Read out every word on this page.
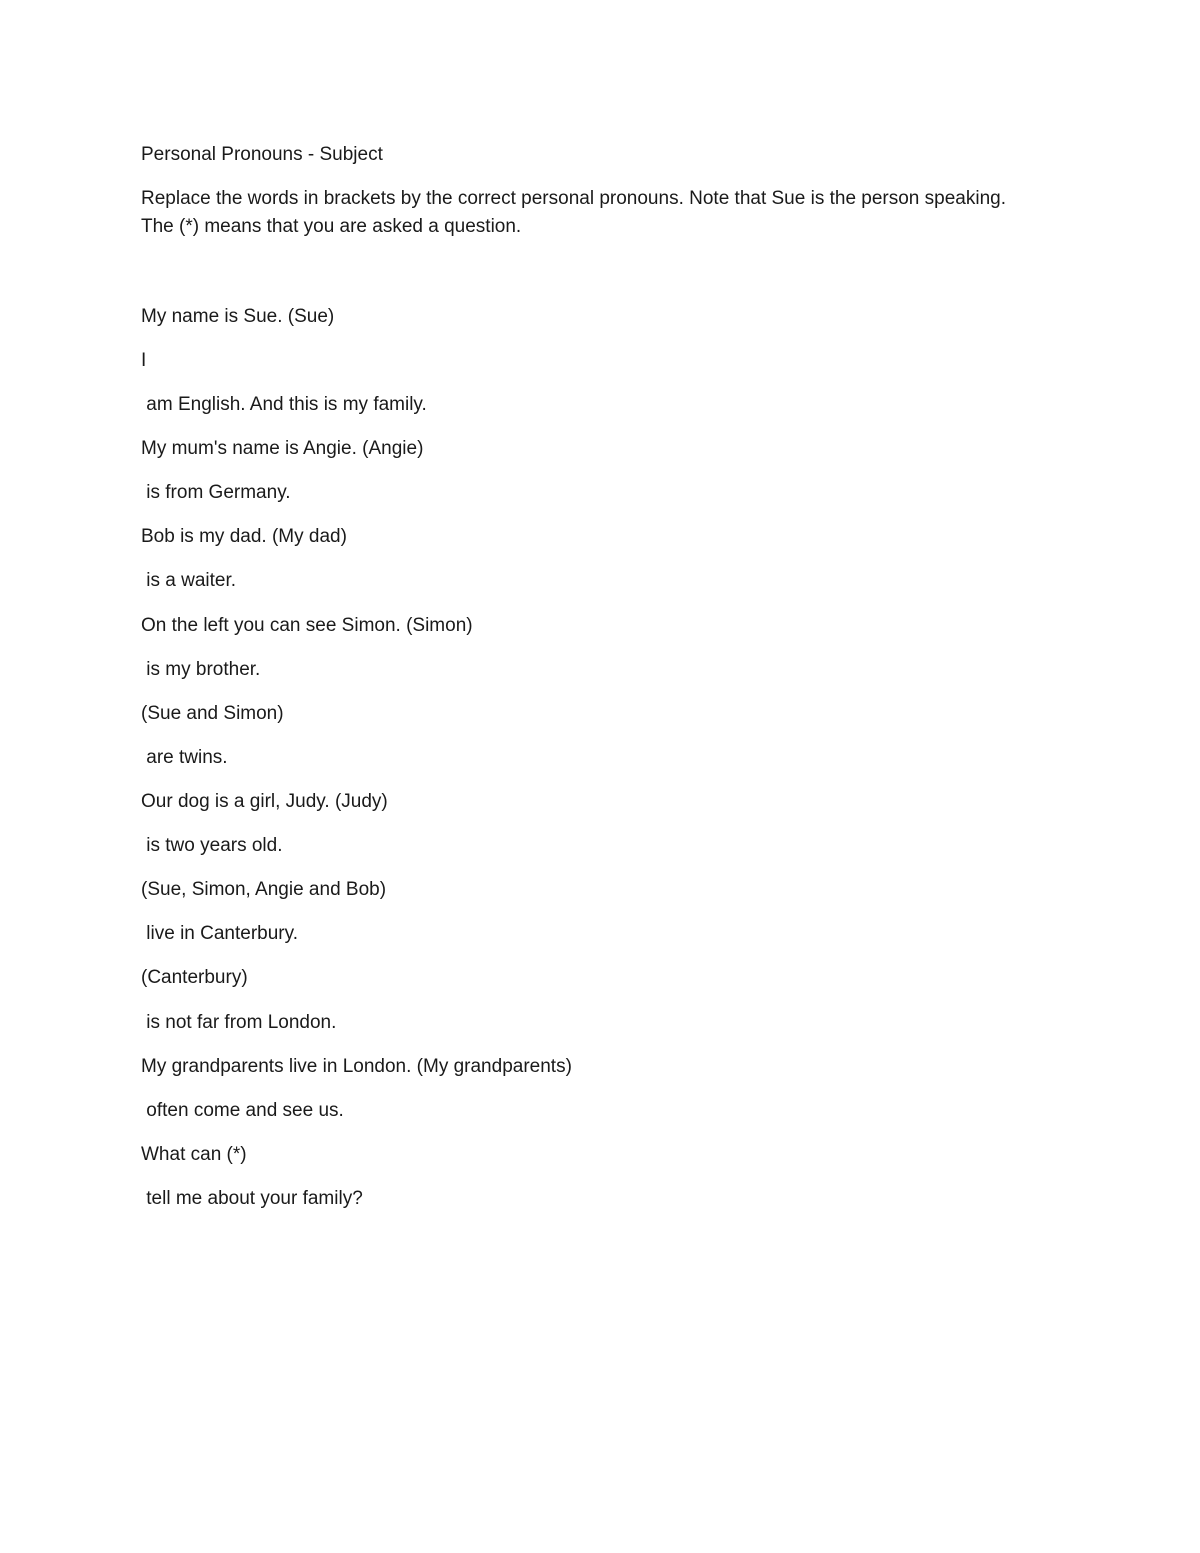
Personal Pronouns - Subject

Replace the words in brackets by the correct personal pronouns. Note that Sue is the person speaking.

The (*) means that you are asked a question.

My name is Sue. (Sue)

I

am English. And this is my family.

My mum's name is Angie. (Angie)

is from Germany.

Bob is my dad. (My dad)

is a waiter.

On the left you can see Simon. (Simon)

is my brother.

(Sue and Simon)

are twins.

Our dog is a girl, Judy. (Judy)

is two years old.

(Sue, Simon, Angie and Bob)

live in Canterbury.

(Canterbury)

is not far from London.

My grandparents live in London. (My grandparents)

often come and see us.

What can (*)

tell me about your family?
